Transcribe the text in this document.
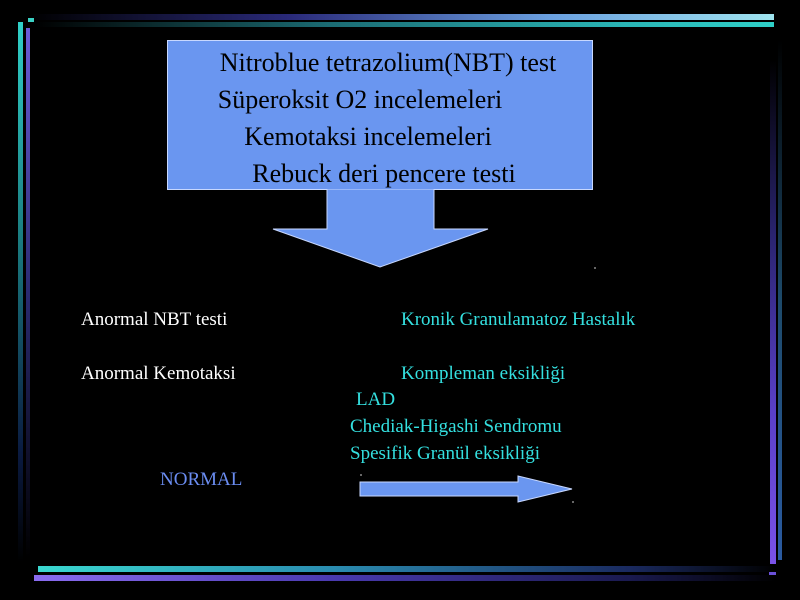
Nitroblue tetrazolium(NBT) test
Süperoksit O2 incelemeleri
Kemotaksi incelemeleri
Rebuck deri pencere testi
Anormal NBT testi	Kronik Granulamatoz Hastalık
Anormal Kemotaksi	Kompleman eksikliği
LAD
Chediak-Higashi Sendromu
Spesifik Granül eksikliği
NORMAL
